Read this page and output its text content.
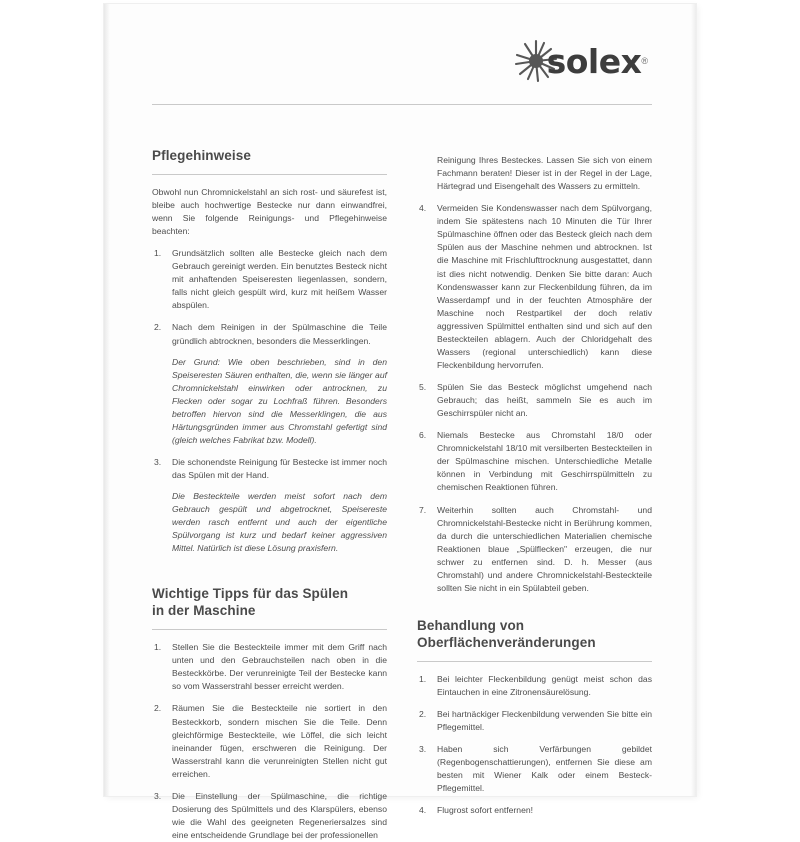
solex ®
Pflegehinweise

Obwohl nun Chromnickelstahl an sich rost- und säurefest ist, bleibe auch hochwertige Bestecke nur dann einwandfrei, wenn Sie folgende Reinigungs- und Pflegehinweise beachten:

Grundsätzlich sollten alle Bestecke gleich nach dem Gebrauch gereinigt werden. Ein benutztes Besteck nicht mit anhaftenden Speiseresten liegenlassen, sondern, falls nicht gleich gespült wird, kurz mit heißem Wasser abspülen.

Nach dem Reinigen in der Spülmaschine die Teile gründlich abtrocknen, besonders die Messerklingen.

Der Grund: Wie oben beschrieben, sind in den Speiseresten Säuren enthalten, die, wenn sie länger auf Chromnickelstahl einwirken oder antrocknen, zu Flecken oder sogar zu Lochfraß führen. Besonders betroffen hiervon sind die Messerklingen, die aus Härtungsgründen immer aus Chromstahl gefertigt sind (gleich welches Fabrikat bzw. Modell).

Die schonendste Reinigung für Bestecke ist immer noch das Spülen mit der Hand.

Die Besteckteile werden meist sofort nach dem Gebrauch gespült und abgetrocknet, Speisereste werden rasch entfernt und auch der eigentliche Spülvorgang ist kurz und bedarf keiner aggressiven Mittel. Natürlich ist diese Lösung praxisfern.

Wichtige Tipps für das Spülen
in der Maschine

Stellen Sie die Besteckteile immer mit dem Griff nach unten und den Gebrauchsteilen nach oben in die Besteckkörbe. Der verunreinigte Teil der Bestecke kann so vom Wasserstrahl besser erreicht werden.

Räumen Sie die Besteckteile nie sortiert in den Besteckkorb, sondern mischen Sie die Teile. Denn gleichförmige Besteckteile, wie Löffel, die sich leicht ineinander fügen, erschweren die Reinigung. Der Wasserstrahl kann die verunreinigten Stellen nicht gut erreichen.

Die Einstellung der Spülmaschine, die richtige Dosierung des Spülmittels und des Klarspülers, ebenso wie die Wahl des geeigneten Regeneriersalzes sind eine entscheidende Grundlage bei der professionellen

Reinigung Ihres Besteckes. Lassen Sie sich von einem Fachmann beraten! Dieser ist in der Regel in der Lage, Härtegrad und Eisengehalt des Wassers zu ermitteln.

Vermeiden Sie Kondenswasser nach dem Spülvorgang, indem Sie spätestens nach 10 Minuten die Tür Ihrer Spülmaschine öffnen oder das Besteck gleich nach dem Spülen aus der Maschine nehmen und abtrocknen. Ist die Maschine mit Frischlufttrocknung ausgestattet, dann ist dies nicht notwendig. Denken Sie bitte daran: Auch Kondenswasser kann zur Fleckenbildung führen, da im Wasserdampf und in der feuchten Atmosphäre der Maschine noch Restpartikel der doch relativ aggressiven Spülmittel enthalten sind und sich auf den Besteckteilen ablagern. Auch der Chloridgehalt des Wassers (regional unterschiedlich) kann diese Fleckenbildung hervorrufen.

Spülen Sie das Besteck möglichst umgehend nach Gebrauch; das heißt, sammeln Sie es auch im Geschirrspüler nicht an.

Niemals Bestecke aus Chromstahl 18/0 oder Chromnickelstahl 18/10 mit versilberten Besteckteilen in der Spülmaschine mischen. Unterschiedliche Metalle können in Verbindung mit Geschirrspülmitteln zu chemischen Reaktionen führen.

Weiterhin sollten auch Chromstahl- und Chromnickelstahl-Bestecke nicht in Berührung kommen, da durch die unterschiedlichen Materialien chemische Reaktionen blaue „Spülflecken" erzeugen, die nur schwer zu entfernen sind. D. h. Messer (aus Chromstahl) und andere Chromnickelstahl-Besteckteile sollten Sie nicht in ein Spülabteil geben.

Behandlung von
Oberflächenveränderungen

Bei leichter Fleckenbildung genügt meist schon das Eintauchen in eine Zitronensäurelösung.

Bei hartnäckiger Fleckenbildung verwenden Sie bitte ein Pflegemittel.

Haben sich Verfärbungen gebildet (Regenbogenschattierungen), entfernen Sie diese am besten mit Wiener Kalk oder einem Besteck-Pflegemittel.

Flugrost sofort entfernen!
